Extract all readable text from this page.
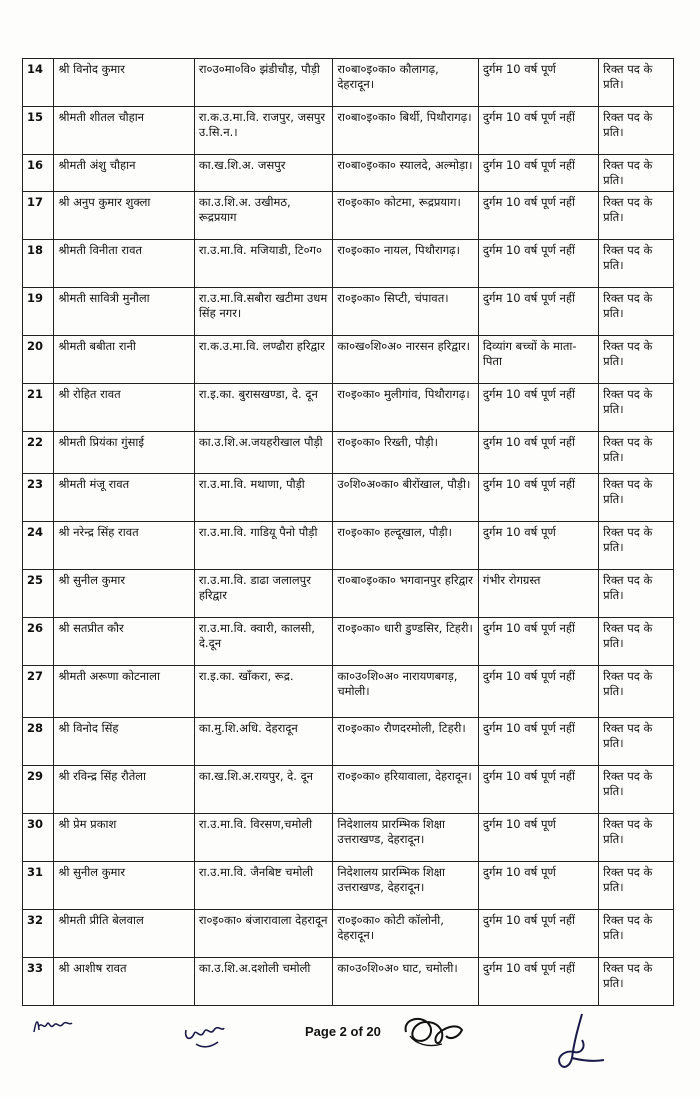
14	श्री विनोद कुमार	रा०उ०मा०वि० झंडीचौड़, पौड़ी	रा०बा०इ०का० कौलागढ़, देहरादून।	दुर्गम 10 वर्ष पूर्ण	रिक्त पद के प्रति।
15	श्रीमती शीतल चौहान	रा.क.उ.मा.वि. राजपुर, जसपुर उ.सि.न.।	रा०बा०इ०का० बिर्थी, पिथौरागढ़।	दुर्गम 10 वर्ष पूर्ण नहीं	रिक्त पद के प्रति।
16	श्रीमती अंशु चौहान	का.ख.शि.अ. जसपुर	रा०बा०इ०का० स्यालदे, अल्मोड़ा।	दुर्गम 10 वर्ष पूर्ण नहीं	रिक्त पद के प्रति।
17	श्री अनुप कुमार शुक्ला	का.उ.शि.अ. उखीमठ, रूद्रप्रयाग	रा०इ०का० कोटमा, रूद्रप्रयाग।	दुर्गम 10 वर्ष पूर्ण नहीं	रिक्त पद के प्रति।
18	श्रीमती विनीता रावत	रा.उ.मा.वि. मजियाडी, टि०ग०	रा०इ०का० नायल, पिथौरागढ़।	दुर्गम 10 वर्ष पूर्ण नहीं	रिक्त पद के प्रति।
19	श्रीमती सावित्री मुनौला	रा.उ.मा.वि.सबौरा खटीमा उधम सिंह नगर।	रा०इ०का० सिप्टी, चंपावत।	दुर्गम 10 वर्ष पूर्ण नहीं	रिक्त पद के प्रति।
20	श्रीमती बबीता रानी	रा.क.उ.मा.वि. लण्ढौरा हरिद्वार	का०ख०शि०अ० नारसन हरिद्वार।	दिव्यांग बच्चों के माता-पिता	रिक्त पद के प्रति।
21	श्री रोहित रावत	रा.इ.का. बुरासखण्डा, दे. दून	रा०इ०का० मुलीगांव, पिथौरागढ़।	दुर्गम 10 वर्ष पूर्ण नहीं	रिक्त पद के प्रति।
22	श्रीमती प्रियंका गुंसाई	का.उ.शि.अ.जयहरीखाल पौड़ी	रा०इ०का० रिख्ती, पौड़ी।	दुर्गम 10 वर्ष पूर्ण नहीं	रिक्त पद के प्रति।
23	श्रीमती मंजू रावत	रा.उ.मा.वि. मथाणा, पौड़ी	उ०शि०अ०का० बीरोंखाल, पौड़ी।	दुर्गम 10 वर्ष पूर्ण नहीं	रिक्त पद के प्रति।
24	श्री नरेन्द्र सिंह रावत	रा.उ.मा.वि. गाडियू पैनो पौड़ी	रा०इ०का० हल्दूखाल, पौड़ी।	दुर्गम 10 वर्ष पूर्ण	रिक्त पद के प्रति।
25	श्री सुनील कुमार	रा.उ.मा.वि. डाढा जलालपुर हरिद्वार	रा०बा०इ०का० भगवानपुर हरिद्वार	गंभीर रोगग्रस्त	रिक्त पद के प्रति।
26	श्री सतप्रीत कौर	रा.उ.मा.वि. क्वारी, कालसी, दे.दून	रा०इ०का० धारी डुण्डसिर, टिहरी।	दुर्गम 10 वर्ष पूर्ण नहीं	रिक्त पद के प्रति।
27	श्रीमती अरूणा कोटनाला	रा.इ.का. खाँकरा, रूद्र.	का०उ०शि०अ० नारायणबगड़, चमोली।	दुर्गम 10 वर्ष पूर्ण नहीं	रिक्त पद के प्रति।
28	श्री विनोद सिंह	का.मु.शि.अधि. देहरादून	रा०इ०का० रौणदरमोली, टिहरी।	दुर्गम 10 वर्ष पूर्ण नहीं	रिक्त पद के प्रति।
29	श्री रविन्द्र सिंह रौतेला	का.ख.शि.अ.रायपुर, दे. दून	रा०इ०का० हरियावाला, देहरादून।	दुर्गम 10 वर्ष पूर्ण नहीं	रिक्त पद के प्रति।
30	श्री प्रेम प्रकाश	रा.उ.मा.वि. विरसण,चमोली	निदेशालय प्रारम्भिक शिक्षा उत्तराखण्ड, देहरादून।	दुर्गम 10 वर्ष पूर्ण	रिक्त पद के प्रति।
31	श्री सुनील कुमार	रा.उ.मा.वि. जैनबिष्ट चमोली	निदेशालय प्रारम्भिक शिक्षा उत्तराखण्ड, देहरादून।	दुर्गम 10 वर्ष पूर्ण	रिक्त पद के प्रति।
32	श्रीमती प्रीति बेलवाल	रा०इ०का० बंजारावाला देहरादून	रा०इ०का० कोटी कॉलोनी, देहरादून।	दुर्गम 10 वर्ष पूर्ण नहीं	रिक्त पद के प्रति।
33	श्री आशीष रावत	का.उ.शि.अ.दशोली चमोली	का०उ०शि०अ० घाट, चमोली।	दुर्गम 10 वर्ष पूर्ण नहीं	रिक्त पद के प्रति।
Page 2 of 20
